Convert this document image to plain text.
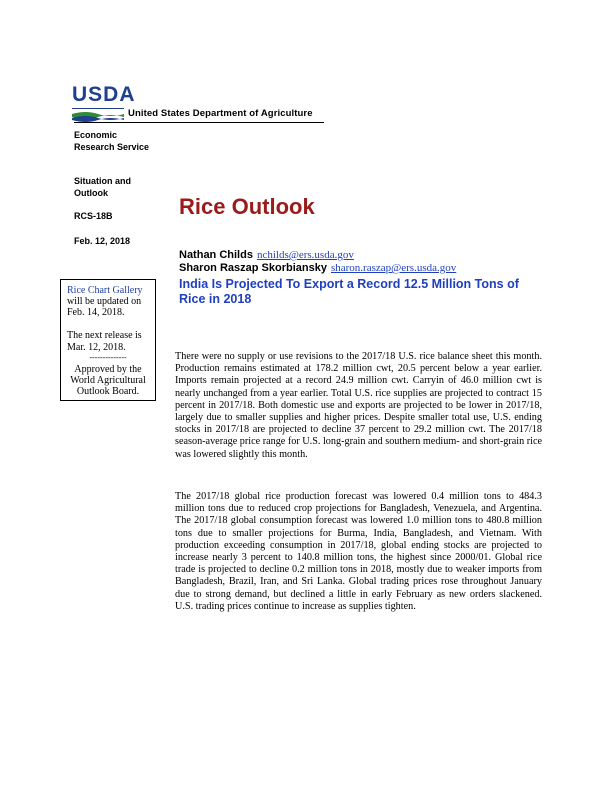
USDA
United States Department of Agriculture
Economic Research Service
Situation and Outlook
RCS-18B
Feb. 12, 2018
Rice Chart Gallery
will be updated on
Feb. 14, 2018.
The next release is
Mar. 12, 2018.
--------------
Approved by the
World Agricultural
Outlook Board.
Rice Outlook
Nathan Childs nchilds@ers.usda.gov
Sharon Raszap Skorbiansky sharon.raszap@ers.usda.gov
India Is Projected To Export a Record 12.5 Million Tons of Rice in 2018
There were no supply or use revisions to the 2017/18 U.S. rice balance sheet this month. Production remains estimated at 178.2 million cwt, 20.5 percent below a year earlier. Imports remain projected at a record 24.9 million cwt. Carryin of 46.0 million cwt is nearly unchanged from a year earlier. Total U.S. rice supplies are projected to contract 15 percent in 2017/18. Both domestic use and exports are projected to be lower in 2017/18, largely due to smaller supplies and higher prices. Despite smaller total use, U.S. ending stocks in 2017/18 are projected to decline 37 percent to 29.2 million cwt. The 2017/18 season-average price range for U.S. long-grain and southern medium- and short-grain rice was lowered slightly this month.
The 2017/18 global rice production forecast was lowered 0.4 million tons to 484.3 million tons due to reduced crop projections for Bangladesh, Venezuela, and Argentina. The 2017/18 global consumption forecast was lowered 1.0 million tons to 480.8 million tons due to smaller projections for Burma, India, Bangladesh, and Vietnam. With production exceeding consumption in 2017/18, global ending stocks are projected to increase nearly 3 percent to 140.8 million tons, the highest since 2000/01. Global rice trade is projected to decline 0.2 million tons in 2018, mostly due to weaker imports from Bangladesh, Brazil, Iran, and Sri Lanka. Global trading prices rose throughout January due to strong demand, but declined a little in early February as new orders slackened. U.S. trading prices continue to increase as supplies tighten.
